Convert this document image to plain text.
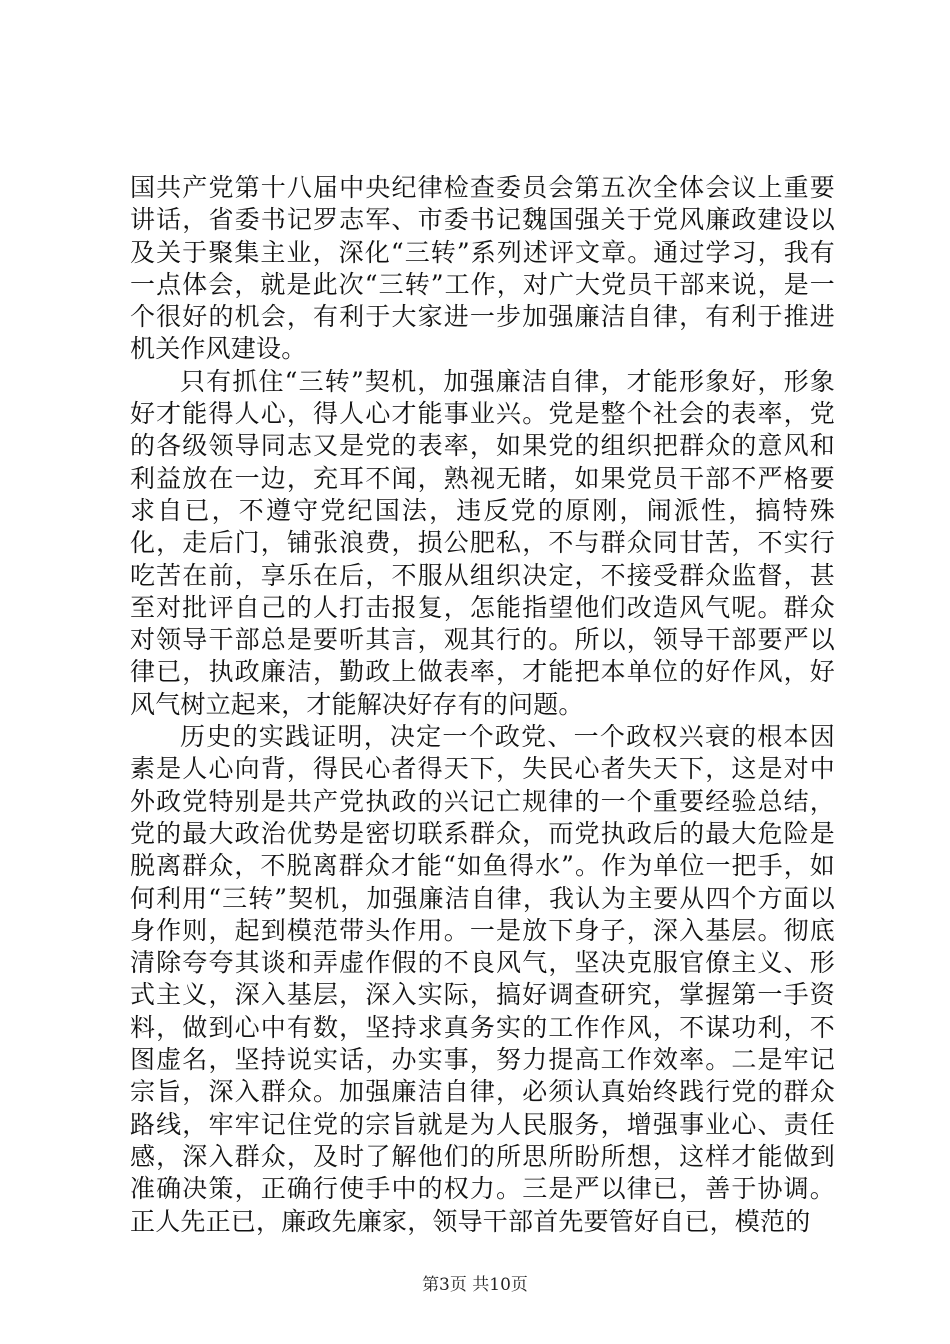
国共产党第十八届中央纪律检查委员会第五次全体会议上重要讲话，省委书记罗志军、市委书记魏国强关于党风廉政建设以及关于聚集主业，深化“三转”系列述评文章。通过学习，我有一点体会，就是此次“三转”工作，对广大党员干部来说，是一个很好的机会，有利于大家进一步加强廉洁自律，有利于推进机关作风建设。

只有抓住“三转”契机，加强廉洁自律，才能形象好，形象好才能得人心，得人心才能事业兴。党是整个社会的表率，党的各级领导同志又是党的表率，如果党的组织把群众的意风和利益放在一边，充耳不闻，熟视无睹，如果党员干部不严格要求自已，不遵守党纪国法，违反党的原刚，闹派性，搞特殊化，走后门，铺张浪费，损公肥私，不与群众同甘苦，不实行吃苦在前，享乐在后，不服从组织决定，不接受群众监督，甚至对批评自己的人打击报复，怎能指望他们改造风气呢。群众对领导干部总是要听其言，观其行的。所以，领导干部要严以律已，执政廉洁，勤政上做表率，才能把本单位的好作风，好风气树立起来，才能解决好存有的问题。

历史的实践证明，决定一个政党、一个政权兴衰的根本因素是人心向背，得民心者得天下，失民心者失天下，这是对中外政党特别是共产党执政的兴记亡规律的一个重要经验总结，党的最大政治优势是密切联系群众，而党执政后的最大危险是脱离群众，不脱离群众才能“如鱼得水”。作为单位一把手，如何利用“三转”契机，加强廉洁自律，我认为主要从四个方面以身作则，起到模范带头作用。一是放下身子，深入基层。彻底清除夸夸其谈和弄虚作假的不良风气，坚决克服官僚主义、形式主义，深入基层，深入实际，搞好调查研究，掌握第一手资料，做到心中有数，坚持求真务实的工作作风，不谋功利，不图虚名，坚持说实话，办实事，努力提高工作效率。二是牢记宗旨，深入群众。加强廉洁自律，必须认真始终践行党的群众路线，牢牢记住党的宗旨就是为人民服务，增强事业心、责任感，深入群众，及时了解他们的所思所盼所想，这样才能做到准确决策，正确行使手中的权力。三是严以律已，善于协调。正人先正已，廉政先廉家，领导干部首先要管好自已，模范的

第3页 共10页
